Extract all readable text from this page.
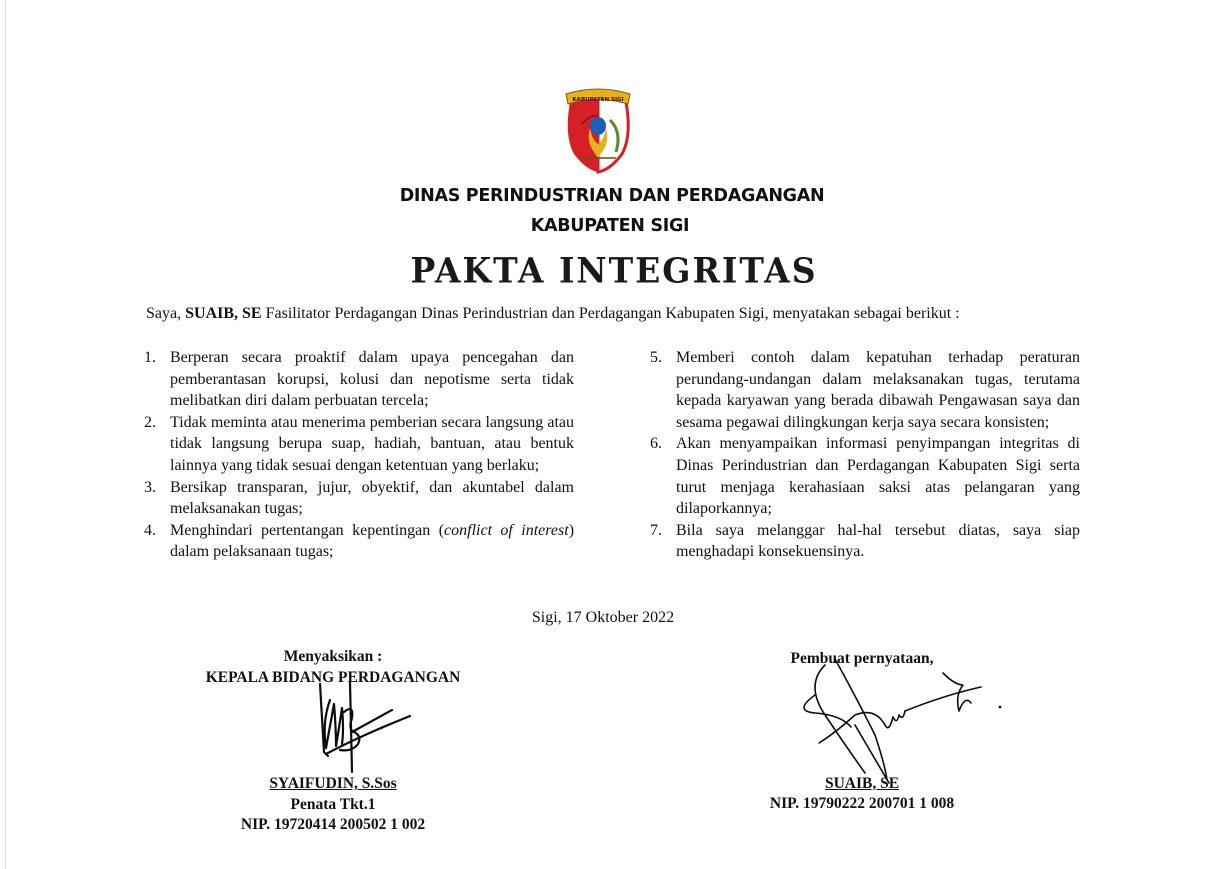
KABUPATEN SIGI
DINAS PERINDUSTRIAN DAN PERDAGANGAN
KABUPATEN SIGI
PAKTA INTEGRITAS
Saya, SUAIB, SE Fasilitator Perdagangan Dinas Perindustrian dan Perdagangan Kabupaten Sigi, menyatakan sebagai berikut :
1. Berperan secara proaktif dalam upaya pencegahan dan pemberantasan korupsi, kolusi dan nepotisme serta tidak melibatkan diri dalam perbuatan tercela;
2. Tidak meminta atau menerima pemberian secara langsung atau tidak langsung berupa suap, hadiah, bantuan, atau bentuk lainnya yang tidak sesuai dengan ketentuan yang berlaku;
3. Bersikap transparan, jujur, obyektif, dan akuntabel dalam melaksanakan tugas;
4. Menghindari pertentangan kepentingan (conflict of interest) dalam pelaksanaan tugas;
5. Memberi contoh dalam kepatuhan terhadap peraturan perundang-undangan dalam melaksanakan tugas, terutama kepada karyawan yang berada dibawah Pengawasan saya dan sesama pegawai dilingkungan kerja saya secara konsisten;
6. Akan menyampaikan informasi penyimpangan integritas di Dinas Perindustrian dan Perdagangan Kabupaten Sigi serta turut menjaga kerahasiaan saksi atas pelangaran yang dilaporkannya;
7. Bila saya melanggar hal-hal tersebut diatas, saya siap menghadapi konsekuensinya.
Sigi, 17 Oktober 2022
Menyaksikan :
KEPALA BIDANG PERDAGANGAN
SYAIFUDIN, S.Sos
Penata Tkt.1
NIP. 19720414 200502 1 002
Pembuat pernyataan,
SUAIB, SE
NIP. 19790222 200701 1 008
